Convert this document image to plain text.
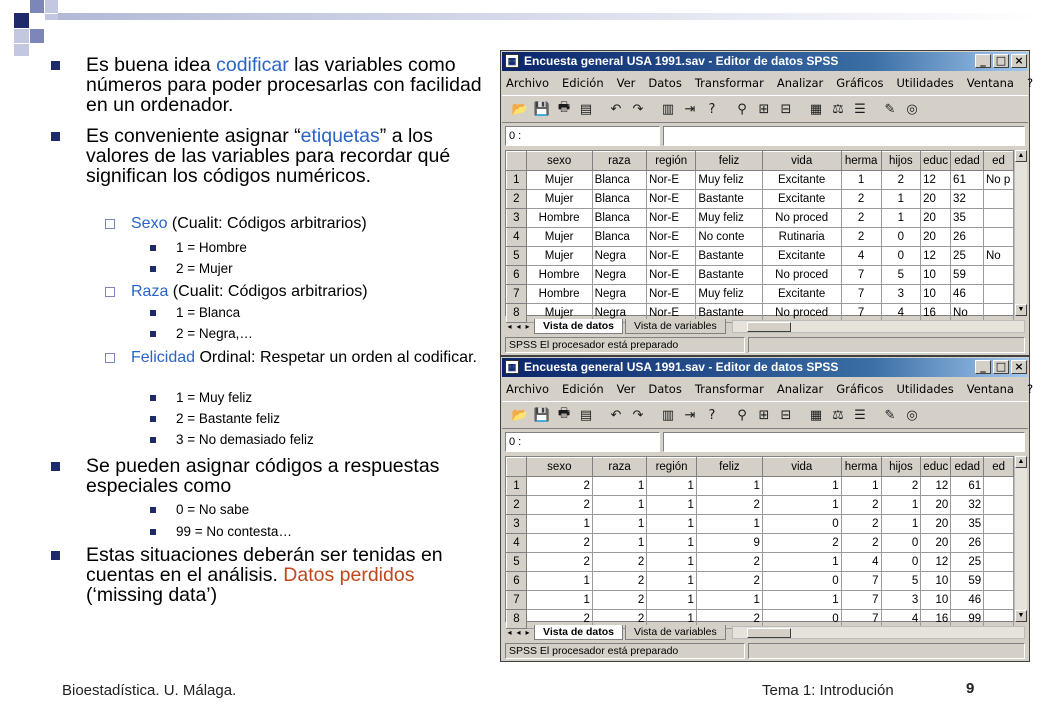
Es buena idea codificar las variables como números para poder procesarlas con facilidad en un ordenador.
Es conveniente asignar “etiquetas” a los valores de las variables para recordar qué significan los códigos numéricos.
Sexo (Cualit: Códigos arbitrarios)
1 = Hombre
2 = Mujer
Raza (Cualit: Códigos arbitrarios)
1 = Blanca
2 = Negra,…
Felicidad Ordinal: Respetar un orden al codificar.
1 = Muy feliz
2 = Bastante feliz
3 = No demasiado feliz
Se pueden asignar códigos a respuestas especiales como
0 = No sabe
99 = No contesta…
Estas situaciones deberán ser tenidas en cuentas en el análisis. Datos perdidos (‘missing data’)
▦ Encuesta general USA 1991.sav - Editor de datos SPSS	_ □ ×
Archivo Edición Ver Datos Transformar Analizar Gráficos Utilidades Ventana ?
📂 💾 🖶 ▤	↶ ↷	▥ ⇥	?	⚲ ⊞ ⊟	▦ ⚖ ☰	✎ ◎
0 :
	sexo	raza	región	feliz	vida	herma	hijos	educ	edad	ed
1	Mujer	Blanca	Nor-E	Muy feliz	Excitante	1	2	12	61	No p
2	Mujer	Blanca	Nor-E	Bastante	Excitante	2	1	20	32	
3	Hombre	Blanca	Nor-E	Muy feliz	No proced	2	1	20	35	
4	Mujer	Blanca	Nor-E	No conte	Rutinaria	2	0	20	26	
5	Mujer	Negra	Nor-E	Bastante	Excitante	4	0	12	25	No
6	Hombre	Negra	Nor-E	Bastante	No proced	7	5	10	59	
7	Hombre	Negra	Nor-E	Muy feliz	Excitante	7	3	10	46	
8	Mujer	Negra	Nor-E	Bastante	No proced	7	4	16	No	
▲
▼
◂ ◂ ▸	Vista de datos	Vista de variables
SPSS El procesador está preparado
▦ Encuesta general USA 1991.sav - Editor de datos SPSS	_ □ ×
Archivo Edición Ver Datos Transformar Analizar Gráficos Utilidades Ventana ?
📂 💾 🖶 ▤	↶ ↷	▥ ⇥	?	⚲ ⊞ ⊟	▦ ⚖ ☰	✎ ◎
0 :
	sexo	raza	región	feliz	vida	herma	hijos	educ	edad	ed
1	2	1	1	1	1	1	2	12	61	
2	2	1	1	2	1	2	1	20	32	
3	1	1	1	1	0	2	1	20	35	
4	2	1	1	9	2	2	0	20	26	
5	2	2	1	2	1	4	0	12	25	
6	1	2	1	2	0	7	5	10	59	
7	1	2	1	1	1	7	3	10	46	
8	2	2	1	2	0	7	4	16	99	
▲
▼
◂ ◂ ▸	Vista de datos	Vista de variables
SPSS El procesador está preparado
Bioestadística. U. Málaga.	Tema 1: Introdución	9
